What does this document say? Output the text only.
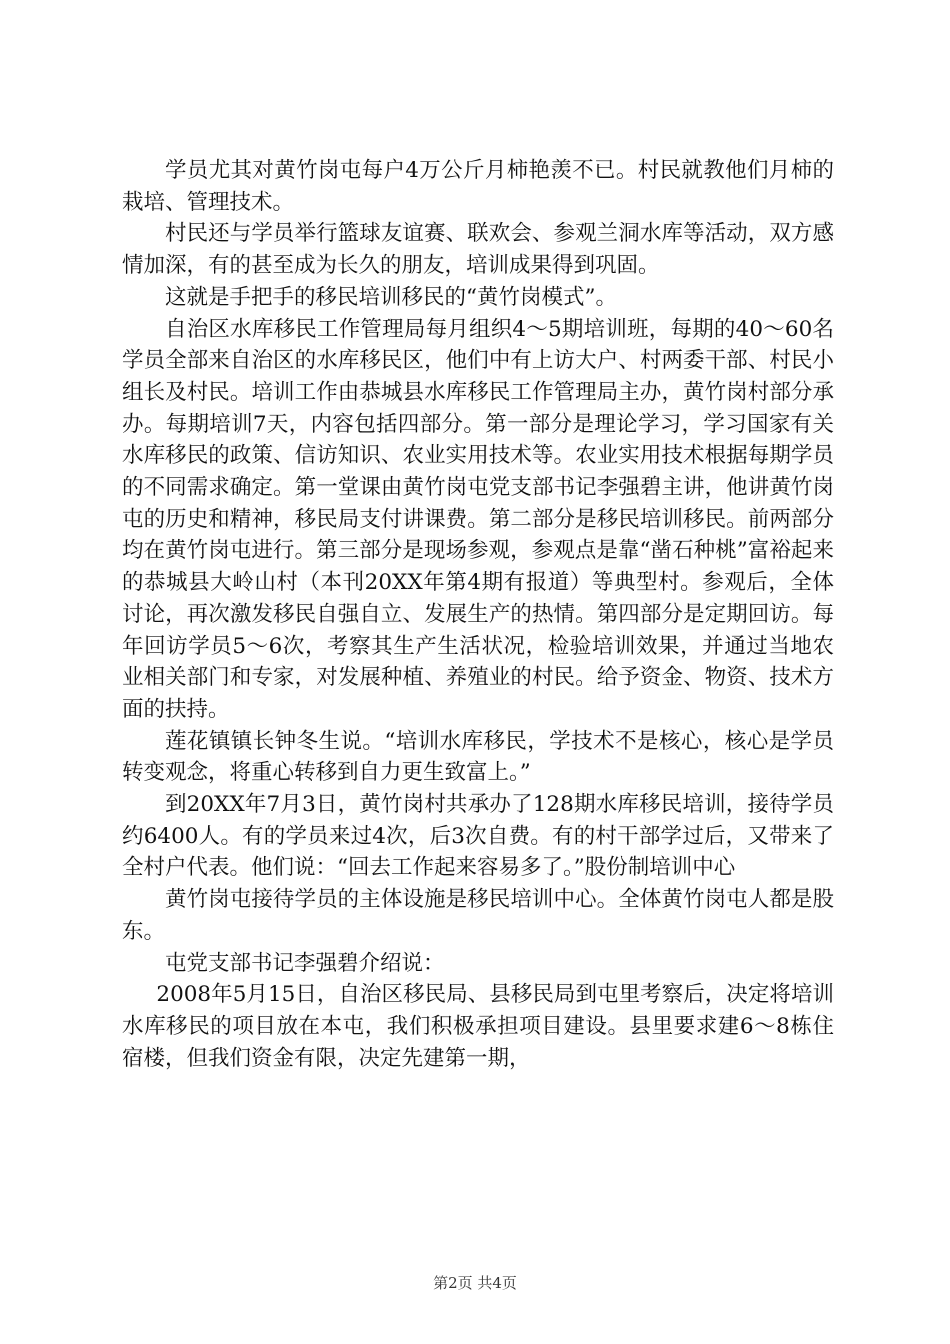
学员尤其对黄竹岗屯每户4万公斤月柿艳羡不已。村民就教他们月柿的栽培、管理技术。

村民还与学员举行篮球友谊赛、联欢会、参观兰洞水库等活动，双方感情加深，有的甚至成为长久的朋友，培训成果得到巩固。

这就是手把手的移民培训移民的“黄竹岗模式”。

自治区水库移民工作管理局每月组织4～5期培训班，每期的40～60名学员全部来自治区的水库移民区，他们中有上访大户、村两委干部、村民小组长及村民。培训工作由恭城县水库移民工作管理局主办，黄竹岗村部分承办。每期培训7天，内容包括四部分。第一部分是理论学习，学习国家有关水库移民的政策、信访知识、农业实用技术等。农业实用技术根据每期学员的不同需求确定。第一堂课由黄竹岗屯党支部书记李强碧主讲，他讲黄竹岗屯的历史和精神，移民局支付讲课费。第二部分是移民培训移民。前两部分均在黄竹岗屯进行。第三部分是现场参观，参观点是靠“凿石种桃”富裕起来的恭城县大岭山村（本刊20XX年第4期有报道）等典型村。参观后，全体讨论，再次激发移民自强自立、发展生产的热情。第四部分是定期回访。每年回访学员5～6次，考察其生产生活状况，检验培训效果，并通过当地农业相关部门和专家，对发展种植、养殖业的村民。给予资金、物资、技术方面的扶持。

莲花镇镇长钟冬生说。“培训水库移民，学技术不是核心，核心是学员转变观念，将重心转移到自力更生致富上。”

到20XX年7月3日，黄竹岗村共承办了128期水库移民培训，接待学员约6400人。有的学员来过4次，后3次自费。有的村干部学过后，又带来了全村户代表。他们说：“回去工作起来容易多了。”股份制培训中心

黄竹岗屯接待学员的主体设施是移民培训中心。全体黄竹岗屯人都是股东。

屯党支部书记李强碧介绍说：

2008年5月15日，自治区移民局、县移民局到屯里考察后，决定将培训水库移民的项目放在本屯，我们积极承担项目建设。县里要求建6～8栋住宿楼，但我们资金有限，决定先建第一期，

第2页 共4页
